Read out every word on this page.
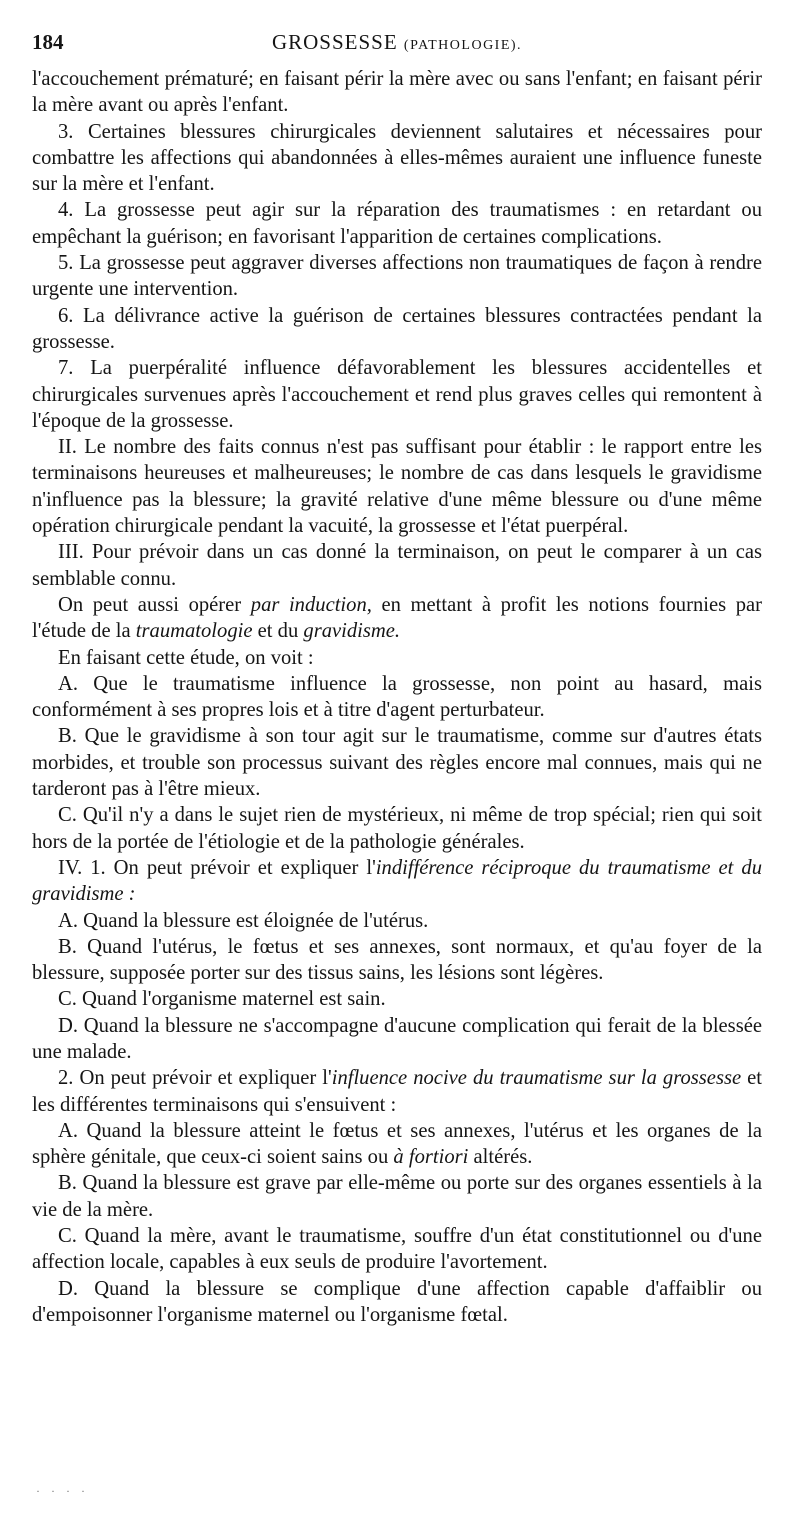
184	GROSSESSE (PATHOLOGIE).

l'accouchement prématuré; en faisant périr la mère avec ou sans l'enfant; en faisant périr la mère avant ou après l'enfant.

3. Certaines blessures chirurgicales deviennent salutaires et nécessaires pour combattre les affections qui abandonnées à elles-mêmes auraient une influence funeste sur la mère et l'enfant.

4. La grossesse peut agir sur la réparation des traumatismes : en retardant ou empêchant la guérison; en favorisant l'apparition de certaines complications.

5. La grossesse peut aggraver diverses affections non traumatiques de façon à rendre urgente une intervention.

6. La délivrance active la guérison de certaines blessures contractées pendant la grossesse.

7. La puerpéralité influence défavorablement les blessures accidentelles et chirurgicales survenues après l'accouchement et rend plus graves celles qui remontent à l'époque de la grossesse.

II. Le nombre des faits connus n'est pas suffisant pour établir : le rapport entre les terminaisons heureuses et malheureuses; le nombre de cas dans lesquels le gravidisme n'influence pas la blessure; la gravité relative d'une même blessure ou d'une même opération chirurgicale pendant la vacuité, la grossesse et l'état puerpéral.

III. Pour prévoir dans un cas donné la terminaison, on peut le comparer à un cas semblable connu.

On peut aussi opérer par induction, en mettant à profit les notions fournies par l'étude de la traumatologie et du gravidisme.

En faisant cette étude, on voit :

A. Que le traumatisme influence la grossesse, non point au hasard, mais conformément à ses propres lois et à titre d'agent perturbateur.

B. Que le gravidisme à son tour agit sur le traumatisme, comme sur d'autres états morbides, et trouble son processus suivant des règles encore mal connues, mais qui ne tarderont pas à l'être mieux.

C. Qu'il n'y a dans le sujet rien de mystérieux, ni même de trop spécial; rien qui soit hors de la portée de l'étiologie et de la pathologie générales.

IV. 1. On peut prévoir et expliquer l'indifférence réciproque du traumatisme et du gravidisme :

A. Quand la blessure est éloignée de l'utérus.

B. Quand l'utérus, le fœtus et ses annexes, sont normaux, et qu'au foyer de la blessure, supposée porter sur des tissus sains, les lésions sont légères.

C. Quand l'organisme maternel est sain.

D. Quand la blessure ne s'accompagne d'aucune complication qui ferait de la blessée une malade.

2. On peut prévoir et expliquer l'influence nocive du traumatisme sur la grossesse et les différentes terminaisons qui s'ensuivent :

A. Quand la blessure atteint le fœtus et ses annexes, l'utérus et les organes de la sphère génitale, que ceux-ci soient sains ou à fortiori altérés.

B. Quand la blessure est grave par elle-même ou porte sur des organes essentiels à la vie de la mère.

C. Quand la mère, avant le traumatisme, souffre d'un état constitutionnel ou d'une affection locale, capables à eux seuls de produire l'avortement.

D. Quand la blessure se complique d'une affection capable d'affaiblir ou d'empoisonner l'organisme maternel ou l'organisme fœtal.

· · · ·
